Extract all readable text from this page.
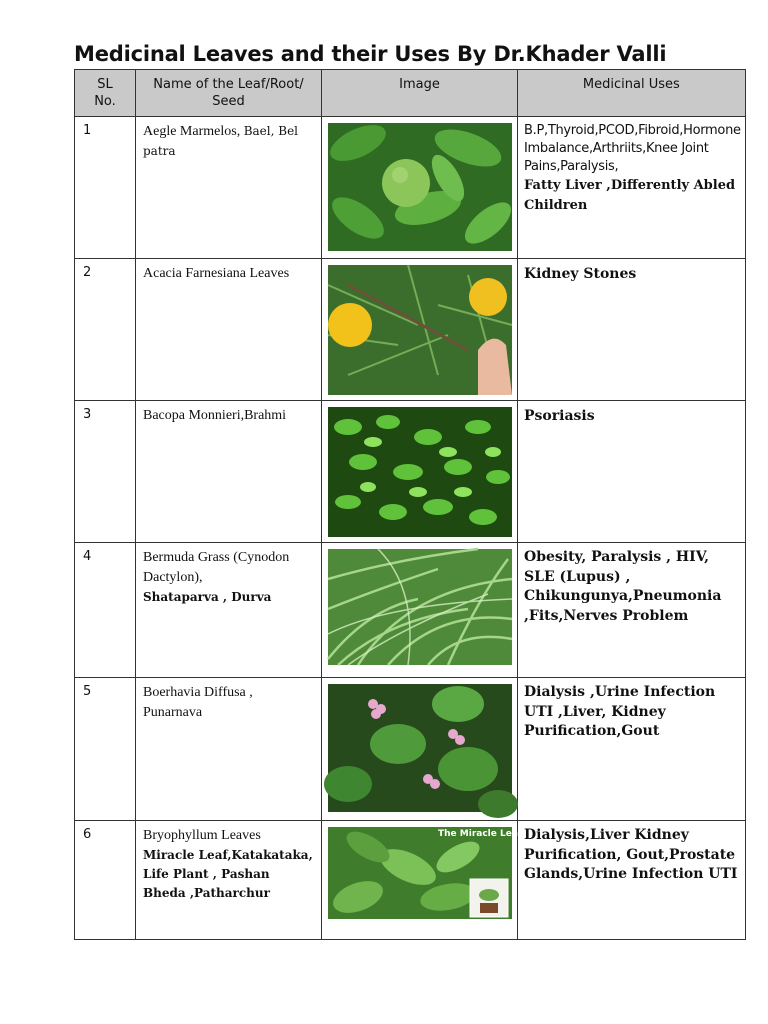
Medicinal Leaves and their Uses By Dr.Khader Valli
SL No.	Name of the Leaf/Root/ Seed	Image	Medicinal Uses
1	Aegle Marmelos, Bael, Bel patra		B.P,Thyroid,PCOD,Fibroid,Hormone Imbalance,Arthriits,Knee Joint Pains,Paralysis,
Fatty Liver ,Differently Abled Children

2	Acacia Farnesiana Leaves		Kidney Stones

3	Bacopa Monnieri,Brahmi		Psoriasis

4	Bermuda Grass (Cynodon Dactylon),
Shataparva , Durva		Obesity, Paralysis , HIV, SLE (Lupus) , Chikungunya,Pneumonia ,Fits,Nerves Problem

5	Boerhavia Diffusa , Punarnava		Dialysis ,Urine Infection UTI ,Liver, Kidney Purification,Gout

6	Bryophyllum Leaves
Miracle Leaf,Katakataka, Life Plant , Pashan Bheda ,Patharchur	The Miracle Leaf	Dialysis,Liver Kidney Purification, Gout,Prostate Glands,Urine Infection UTI
